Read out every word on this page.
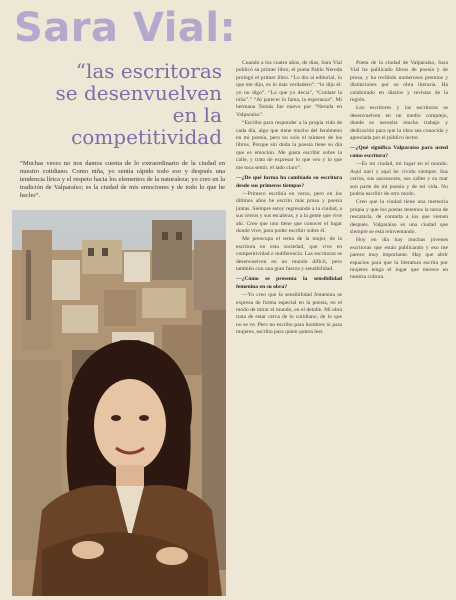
Sara Vial:
“las escritoras
se desenvuelven
en la competitividad
“Muchas veces no nos damos cuenta de lo extraordinario de la ciudad en nuestro cotidiano. Como niña, yo sentía rápido todo eso y después una tendencia lírica y el respeto hacia los elementos de la naturaleza; yo creo en la tradición de Valparaíso; es la ciudad de mis emociones y de todo lo que he hecho”.

Cuando a los cuatro años, de días, Sara Vial publicó su primer libro, el poeta Pablo Neruda prologó el primer libro. “Lo dio al editorial, lo que me dijo, es lo más verdadero”: “lo dijo él: yo no digo”. “Lo que yo decía”, “Cuidate la niña”.” “Al parecer la fama, la esperanza”. Mi hermana Tomás fue nuevo por “Neruda en Valparaíso”.

“Escribo para responder a la propia vida de cada día, algo que tiene mucho del fenómeno en mi poesía, pero no solo el número de los libros. Porque sin duda la poesía tiene su día que es emoción. Me gusta escribir sobre la calle, y trato de expresar lo que veo y lo que me toca sentir, el lado claro”.

—¿De qué forma ha cambiado su escritura desde sus primeros tiempos?

—Primero escribía en verso, pero en los últimos años he escrito más prosa y poesía juntas. Siempre estoy regresando a la ciudad, a sus cerros y sus escaleras, y a la gente que vive ahí. Creo que uno tiene que conocer el lugar donde vive, para poder escribir sobre él.

Me preocupa el tema de la mujer, de la escritora en esta sociedad, que vive en competitividad e indiferencia. Las escritoras se desenvuelven en un mundo difícil, pero también con una gran fuerza y sensibilidad.

—¿Cómo se presenta la sensibilidad femenina en su obra?

—Yo creo que la sensibilidad femenina se expresa de forma especial en la poesía, en el modo de mirar el mundo, en el detalle. Mi obra trata de estar cerca de lo cotidiano, de lo que no se ve. Pero no escribo para hombres ni para mujeres, escribo para quien quiera leer.

Poeta de la ciudad de Valparaíso, Sara Vial ha publicado libros de poesía y de prosa, y ha recibido numerosos premios y distinciones por su obra literaria. Ha colaborado en diarios y revistas de la región.

Los escritores y las escritoras se desenvuelven en un medio complejo, donde se necesita mucho trabajo y dedicación para que la obra sea conocida y apreciada por el público lector.

—¿Qué significa Valparaíso para usted como escritora?

—Es mi ciudad, mi lugar en el mundo. Aquí nací y aquí he vivido siempre. Sus cerros, sus ascensores, sus calles y su mar son parte de mi poesía y de mi vida. No podría escribir de otro modo.

Creo que la ciudad tiene una memoria propia y que los poetas tenemos la tarea de rescatarla, de contarla a los que vienen después. Valparaíso es una ciudad que siempre se está reinventando.

Hoy en día hay muchas jóvenes escritoras que están publicando y eso me parece muy importante. Hay que abrir espacios para que la literatura escrita por mujeres tenga el lugar que merece en nuestra cultura.
